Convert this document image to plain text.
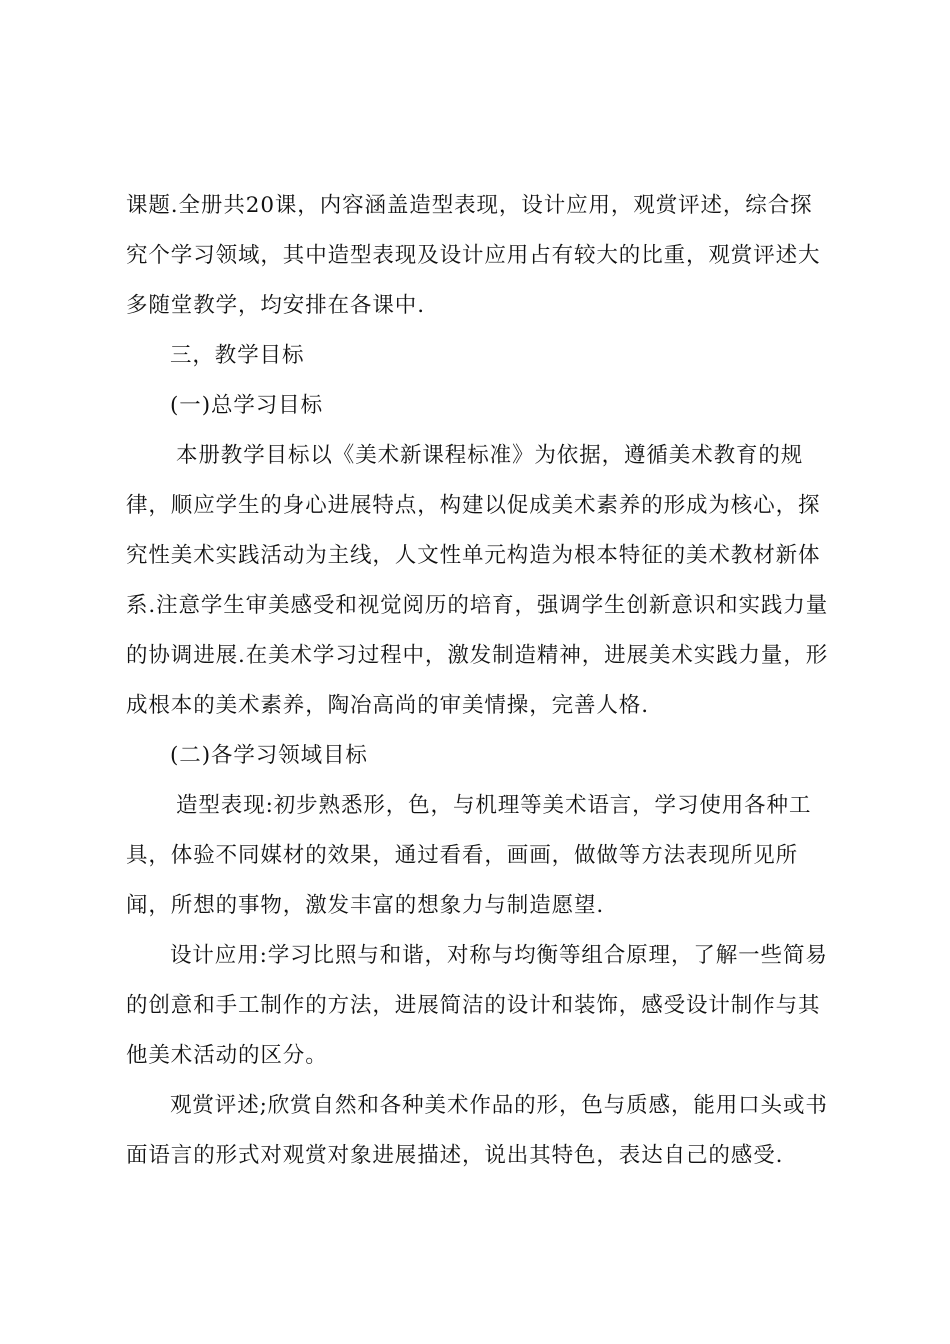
课题.全册共20课，内容涵盖造型表现，设计应用，观赏评述，综合探
究个学习领域，其中造型表现及设计应用占有较大的比重，观赏评述大
多随堂教学，均安排在各课中.
三，教学目标
(一)总学习目标
本册教学目标以《美术新课程标准》为依据，遵循美术教育的规
律，顺应学生的身心进展特点，构建以促成美术素养的形成为核心，探
究性美术实践活动为主线，人文性单元构造为根本特征的美术教材新体
系.注意学生审美感受和视觉阅历的培育，强调学生创新意识和实践力量
的协调进展.在美术学习过程中，激发制造精神，进展美术实践力量，形
成根本的美术素养，陶冶高尚的审美情操，完善人格.
(二)各学习领域目标
造型表现:初步熟悉形，色，与机理等美术语言，学习使用各种工
具，体验不同媒材的效果，通过看看，画画，做做等方法表现所见所
闻，所想的事物，激发丰富的想象力与制造愿望.
设计应用:学习比照与和谐，对称与均衡等组合原理，了解一些简易
的创意和手工制作的方法，进展简洁的设计和装饰，感受设计制作与其
他美术活动的区分。
观赏评述;欣赏自然和各种美术作品的形，色与质感，能用口头或书
面语言的形式对观赏对象进展描述，说出其特色，表达自己的感受.
